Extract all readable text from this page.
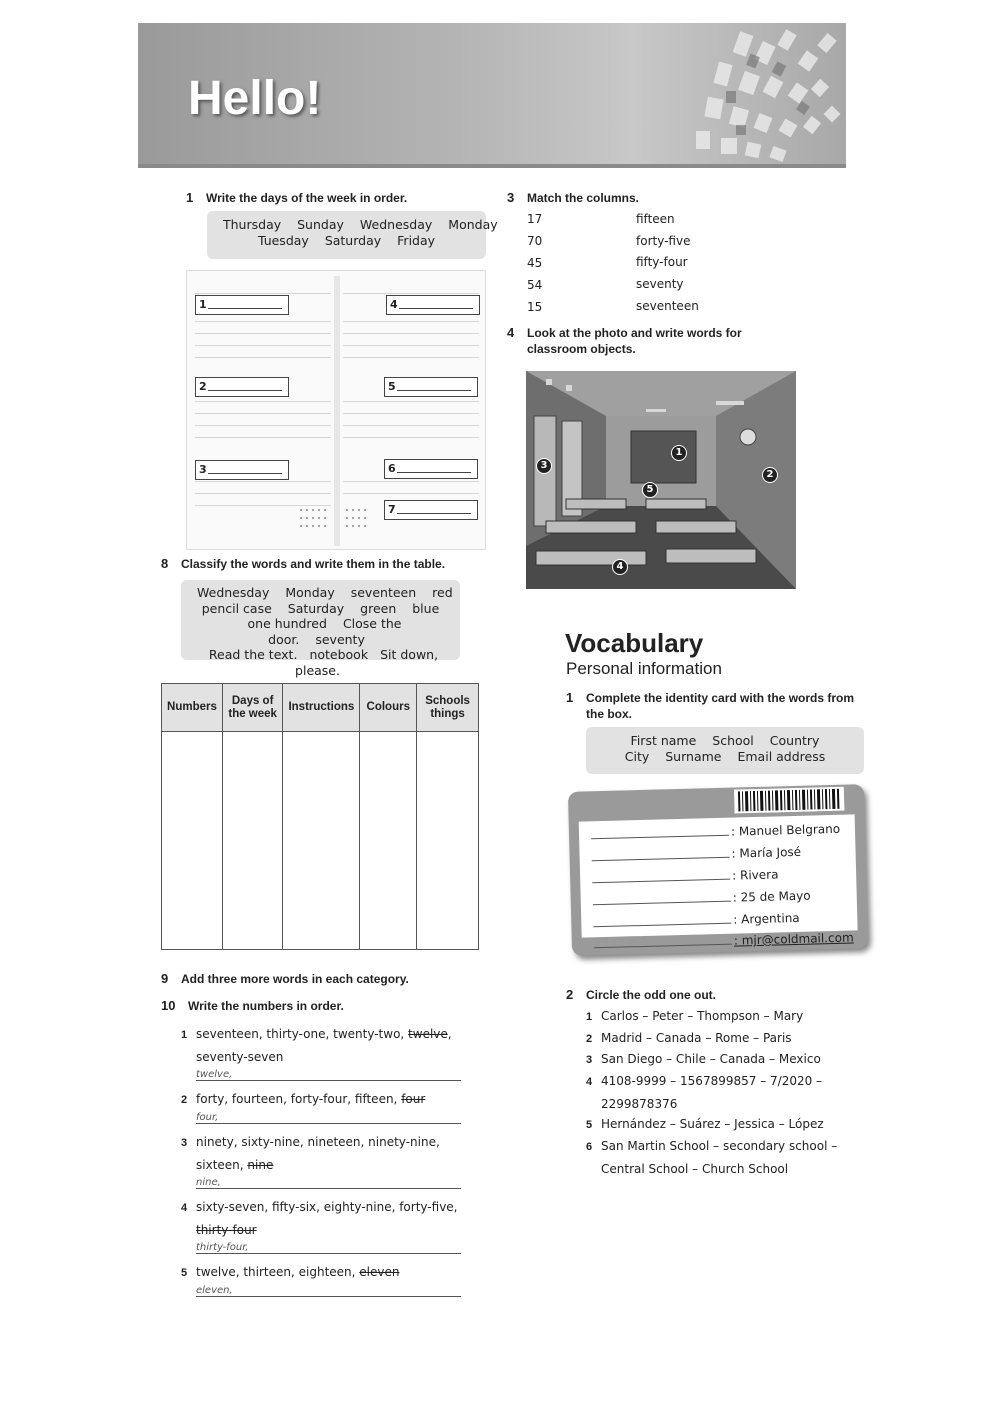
Hello!
1 Write the days of the week in order.
Thursday Sunday Wednesday Monday
Tuesday Saturday Friday
1
2
3
4
5
6
7
3 Match the columns.
17	fifteen
70	forty-five
45	fifty-four
54	seventy
15	seventeen
4 Look at the photo and write words for classroom objects.
1
2
3
4
5
8 Classify the words and write them in the table.
Wednesday Monday seventeen red
pencil case Saturday green blue
one hundred Close the door. seventy
Read the text. notebook Sit down, please.
Numbers	Days of the week	Instructions	Colours	Schools things

9 Add three more words in each category.
10 Write the numbers in order.
1 seventeen, thirty-one, twenty-two, twelve,
seventy-seven
twelve,
2 forty, fourteen, forty-four, fifteen, four
four,
3 ninety, sixty-nine, nineteen, ninety-nine,
sixteen, nine
nine,
4 sixty-seven, fifty-six, eighty-nine, forty-five,
thirty-four
thirty-four,
5 twelve, thirteen, eighteen, eleven
eleven,
Vocabulary
Personal information
1 Complete the identity card with the words from the box.
First name School Country
City Surname Email address
: Manuel Belgrano
: María José
: Rivera
: 25 de Mayo
: Argentina
: mjr@coldmail.com
2 Circle the odd one out.
1 Carlos – Peter – Thompson – Mary
2 Madrid – Canada – Rome – Paris
3 San Diego – Chile – Canada – Mexico
4 4108-9999 – 1567899857 – 7/2020 –
2299878376
5 Hernández – Suárez – Jessica – López
6 San Martin School – secondary school –
Central School – Church School
